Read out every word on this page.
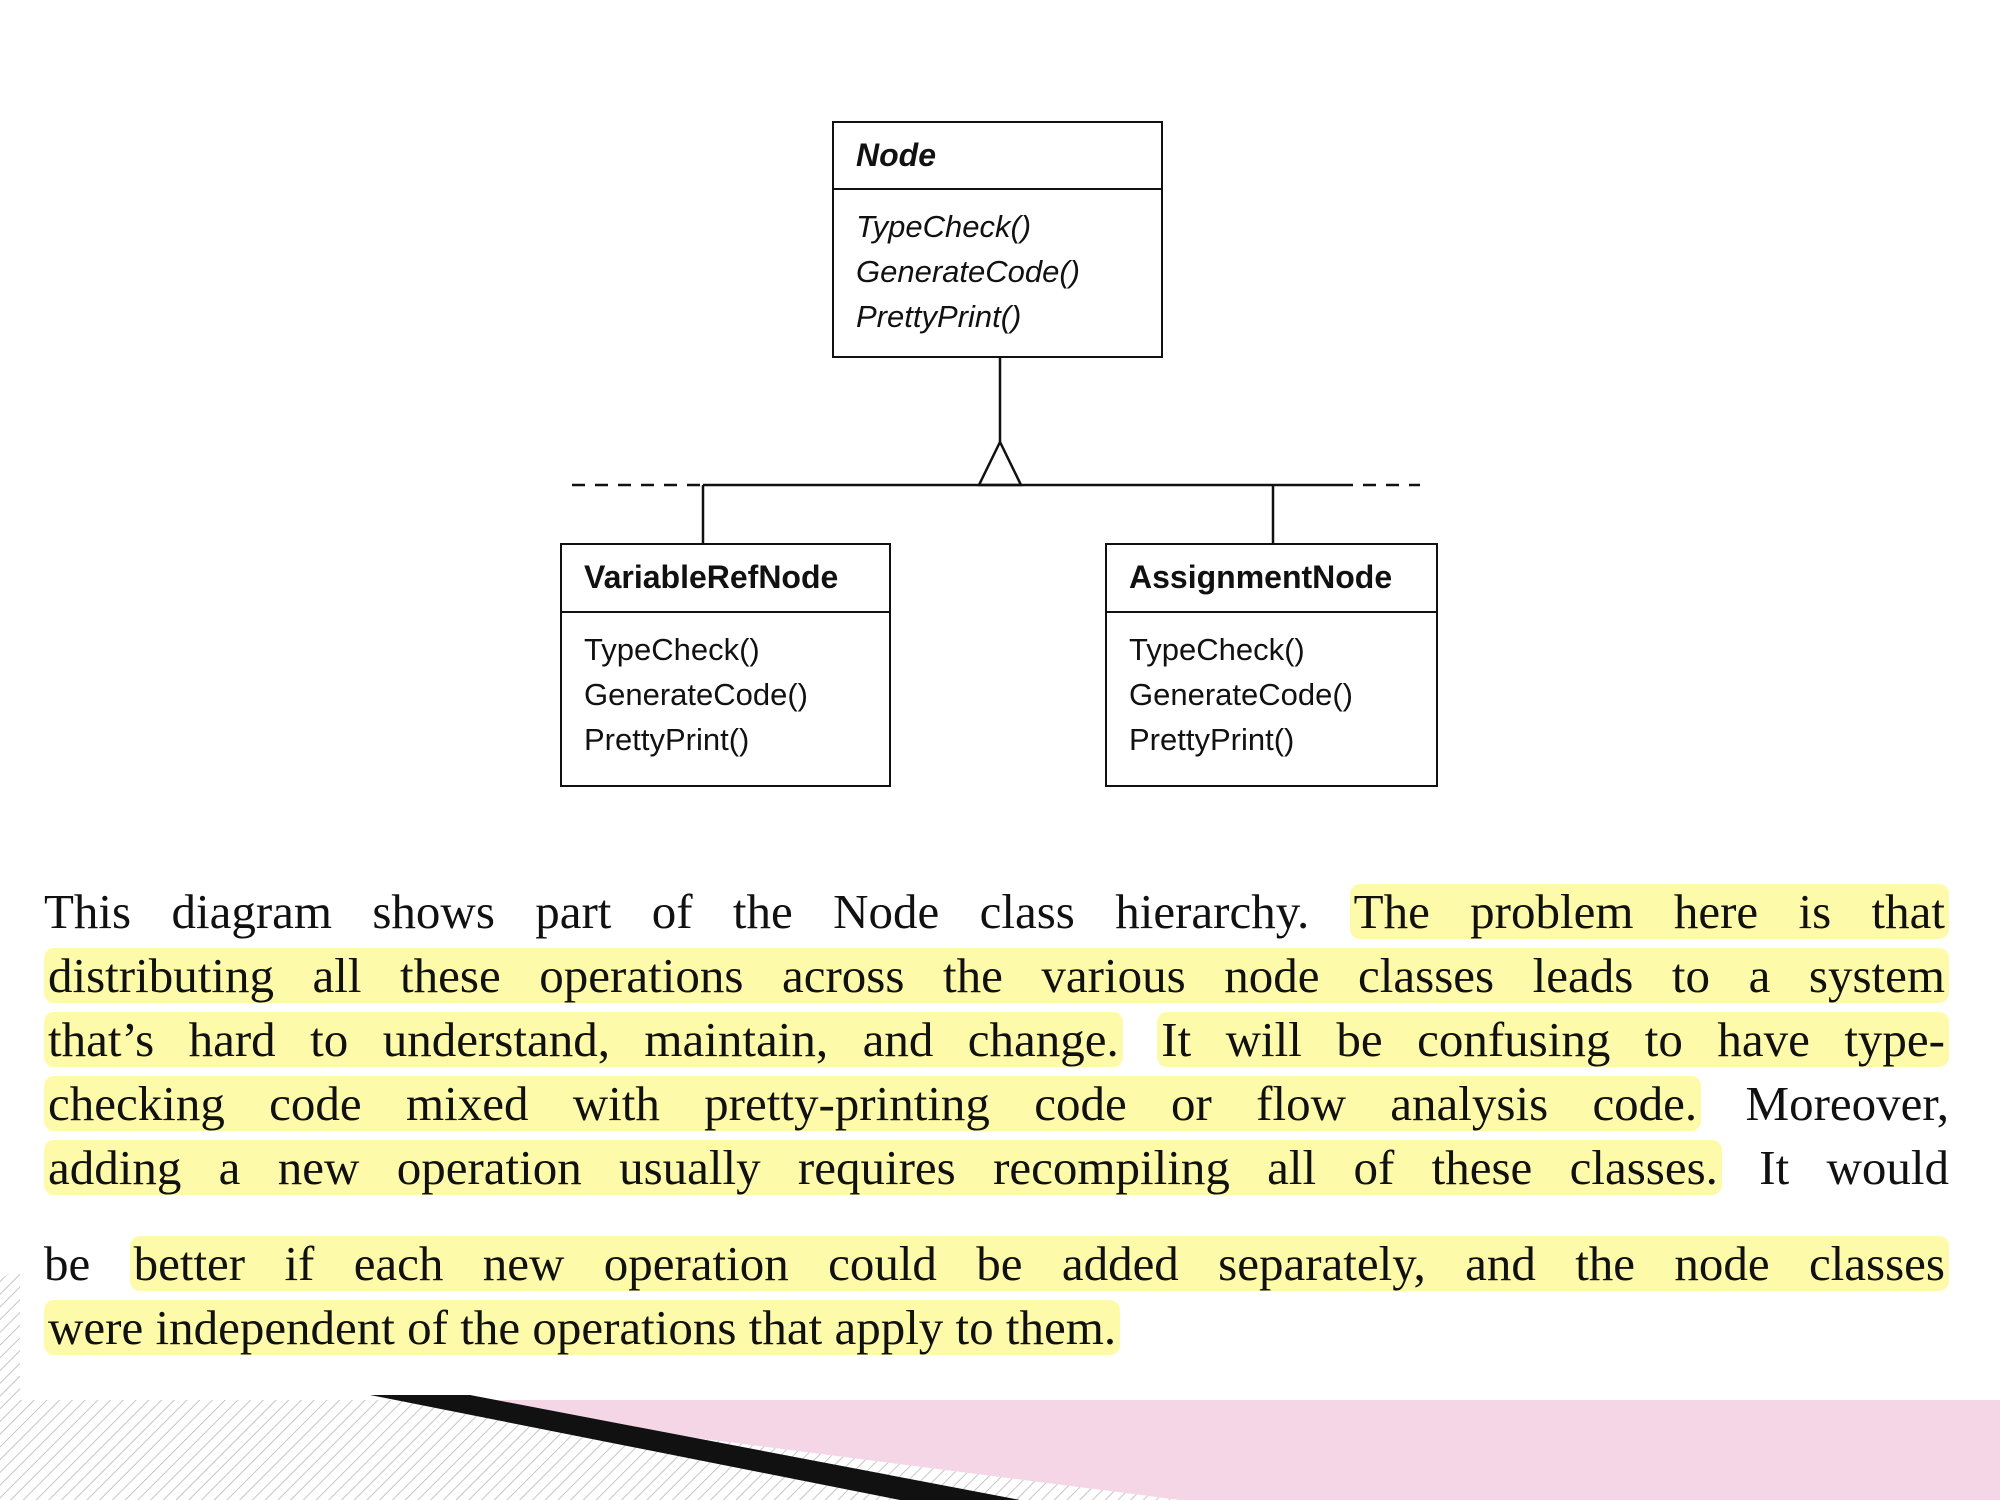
Node
TypeCheck()
GenerateCode()
PrettyPrint()
VariableRefNode
TypeCheck()
GenerateCode()
PrettyPrint()
AssignmentNode
TypeCheck()
GenerateCode()
PrettyPrint()
This diagram shows part of the Node class hierarchy. The problem here is that
distributing all these operations across the various node classes leads to a system
that’s hard to understand, maintain, and change. It will be confusing to have type-
checking code mixed with pretty-printing code or flow analysis code. Moreover,
adding a new operation usually requires recompiling all of these classes. It would
be better if each new operation could be added separately, and the node classes
were independent of the operations that apply to them.
